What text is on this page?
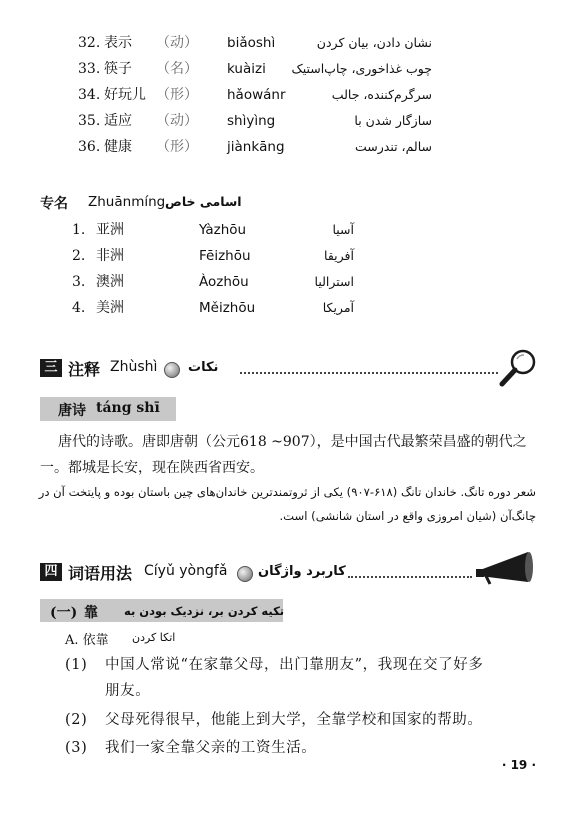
32. 表示 （动） biǎoshì	نشان دادن، بیان کردن
33. 筷子 （名） kuàizi چوب غذاخوری، چاپ‌استیک
34. 好玩儿 （形） hǎowánr	سرگرم‌کننده، جالب
35. 适应 （动） shìyìng	سازگار شدن با
36. 健康 （形） jiànkāng	سالم، تندرست
专名 Zhuānmíng اسامی خاص
1. 亚洲	Yàzhōu	آسیا
2. 非洲	Fēizhōu	آفریقا
3. 澳洲	Àozhōu	استرالیا
4. 美洲	Měizhōu	آمریکا
三 注释 Zhùshì نکات
唐诗 táng shī
唐代的诗歌。唐即唐朝（公元618 ~907），是中国古代最繁荣昌盛的朝代之
一。都城是长安，现在陕西省西安。
شعر دوره تانگ. خاندان تانگ (۶۱۸-۹۰۷) یکی از ثروتمندترین خاندان‌های چین باستان بوده و پایتخت آن در
چانگ‌آن (شیان امروزی واقع در استان شانشی) است.
四 词语用法 Cíyǔ yòngfǎ کاربرد واژگان
(一) 靠 تکیه کردن بر، نزدیک بودن به
A. 依靠 اتکا کردن
(1) 中国人常说“在家靠父母，出门靠朋友”，我现在交了好多
朋友。
(2) 父母死得很早，他能上到大学，全靠学校和国家的帮助。
(3) 我们一家全靠父亲的工资生活。
· 19 ·
